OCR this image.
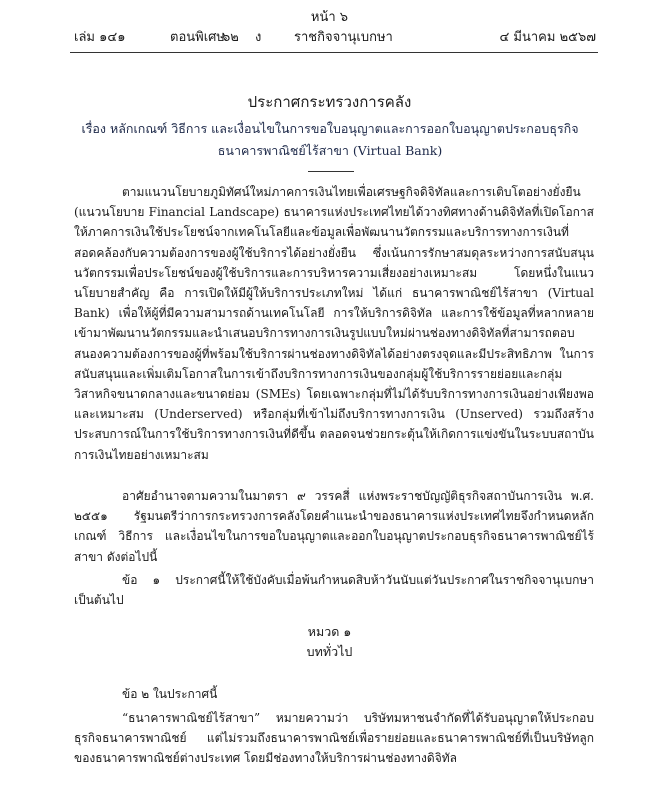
หน้า ๖
เล่ม ๑๔๑	ตอนพิเศษ
๖๒ ง	ราชกิจจานุเบกษา	๔ มีนาคม ๒๕๖๗
ประกาศกระทรวงการคลัง
เรื่อง หลักเกณฑ์ วิธีการ และเงื่อนไขในการขอใบอนุญาตและการออกใบอนุญาตประกอบธุรกิจ ธนาคารพาณิชย์ไร้สาขา (Virtual Bank)

ตามแนวนโยบายภูมิทัศน์ใหม่ภาคการเงินไทยเพื่อเศรษฐกิจดิจิทัลและการเติบโตอย่างยั่งยืน (แนวนโยบาย Financial Landscape) ธนาคารแห่งประเทศไทยได้วางทิศทางด้านดิจิทัลที่เปิดโอกาสให้ภาคการเงินใช้ประโยชน์จากเทคโนโลยีและข้อมูลเพื่อพัฒนานวัตกรรมและบริการทางการเงินที่สอดคล้องกับความต้องการของผู้ใช้บริการได้อย่างยั่งยืน ซึ่งเน้นการรักษาสมดุลระหว่างการสนับสนุนนวัตกรรมเพื่อประโยชน์ของผู้ใช้บริการและการบริหารความเสี่ยงอย่างเหมาะสม โดยหนึ่งในแนวนโยบายสำคัญ คือ การเปิดให้มีผู้ให้บริการประเภทใหม่ ได้แก่ ธนาคารพาณิชย์ไร้สาขา (Virtual Bank) เพื่อให้ผู้ที่มีความสามารถด้านเทคโนโลยี การให้บริการดิจิทัล และการใช้ข้อมูลที่หลากหลาย เข้ามาพัฒนานวัตกรรมและนำเสนอบริการทางการเงินรูปแบบใหม่ผ่านช่องทางดิจิทัลที่สามารถตอบสนองความต้องการของผู้ที่พร้อมใช้บริการผ่านช่องทางดิจิทัลได้อย่างตรงจุดและมีประสิทธิภาพ ในการสนับสนุนและเพิ่มเติมโอกาสในการเข้าถึงบริการทางการเงินของกลุ่มผู้ใช้บริการรายย่อยและกลุ่มวิสาหกิจขนาดกลางและขนาดย่อม (SMEs) โดยเฉพาะกลุ่มที่ไม่ได้รับบริการทางการเงินอย่างเพียงพอและเหมาะสม (Underserved) หรือกลุ่มที่เข้าไม่ถึงบริการทางการเงิน (Unserved) รวมถึงสร้างประสบการณ์ในการใช้บริการทางการเงินที่ดีขึ้น ตลอดจนช่วยกระตุ้นให้เกิดการแข่งขันในระบบสถาบันการเงินไทยอย่างเหมาะสม

อาศัยอำนาจตามความในมาตรา ๙ วรรคสี่ แห่งพระราชบัญญัติธุรกิจสถาบันการเงิน พ.ศ. ๒๕๕๑ รัฐมนตรีว่าการกระทรวงการคลังโดยคำแนะนำของธนาคารแห่งประเทศไทยจึงกำหนดหลักเกณฑ์ วิธีการ และเงื่อนไขในการขอใบอนุญาตและออกใบอนุญาตประกอบธุรกิจธนาคารพาณิชย์ไร้สาขา ดังต่อไปนี้

ข้อ ๑ ประกาศนี้ให้ใช้บังคับเมื่อพ้นกำหนดสิบห้าวันนับแต่วันประกาศในราชกิจจานุเบกษาเป็นต้นไป

หมวด ๑
บททั่วไป

ข้อ ๒ ในประกาศนี้

“ธนาคารพาณิชย์ไร้สาขา” หมายความว่า บริษัทมหาชนจำกัดที่ได้รับอนุญาตให้ประกอบธุรกิจธนาคารพาณิชย์ แต่ไม่รวมถึงธนาคารพาณิชย์เพื่อรายย่อยและธนาคารพาณิชย์ที่เป็นบริษัทลูกของธนาคารพาณิชย์ต่างประเทศ โดยมีช่องทางให้บริการผ่านช่องทางดิจิทัล
